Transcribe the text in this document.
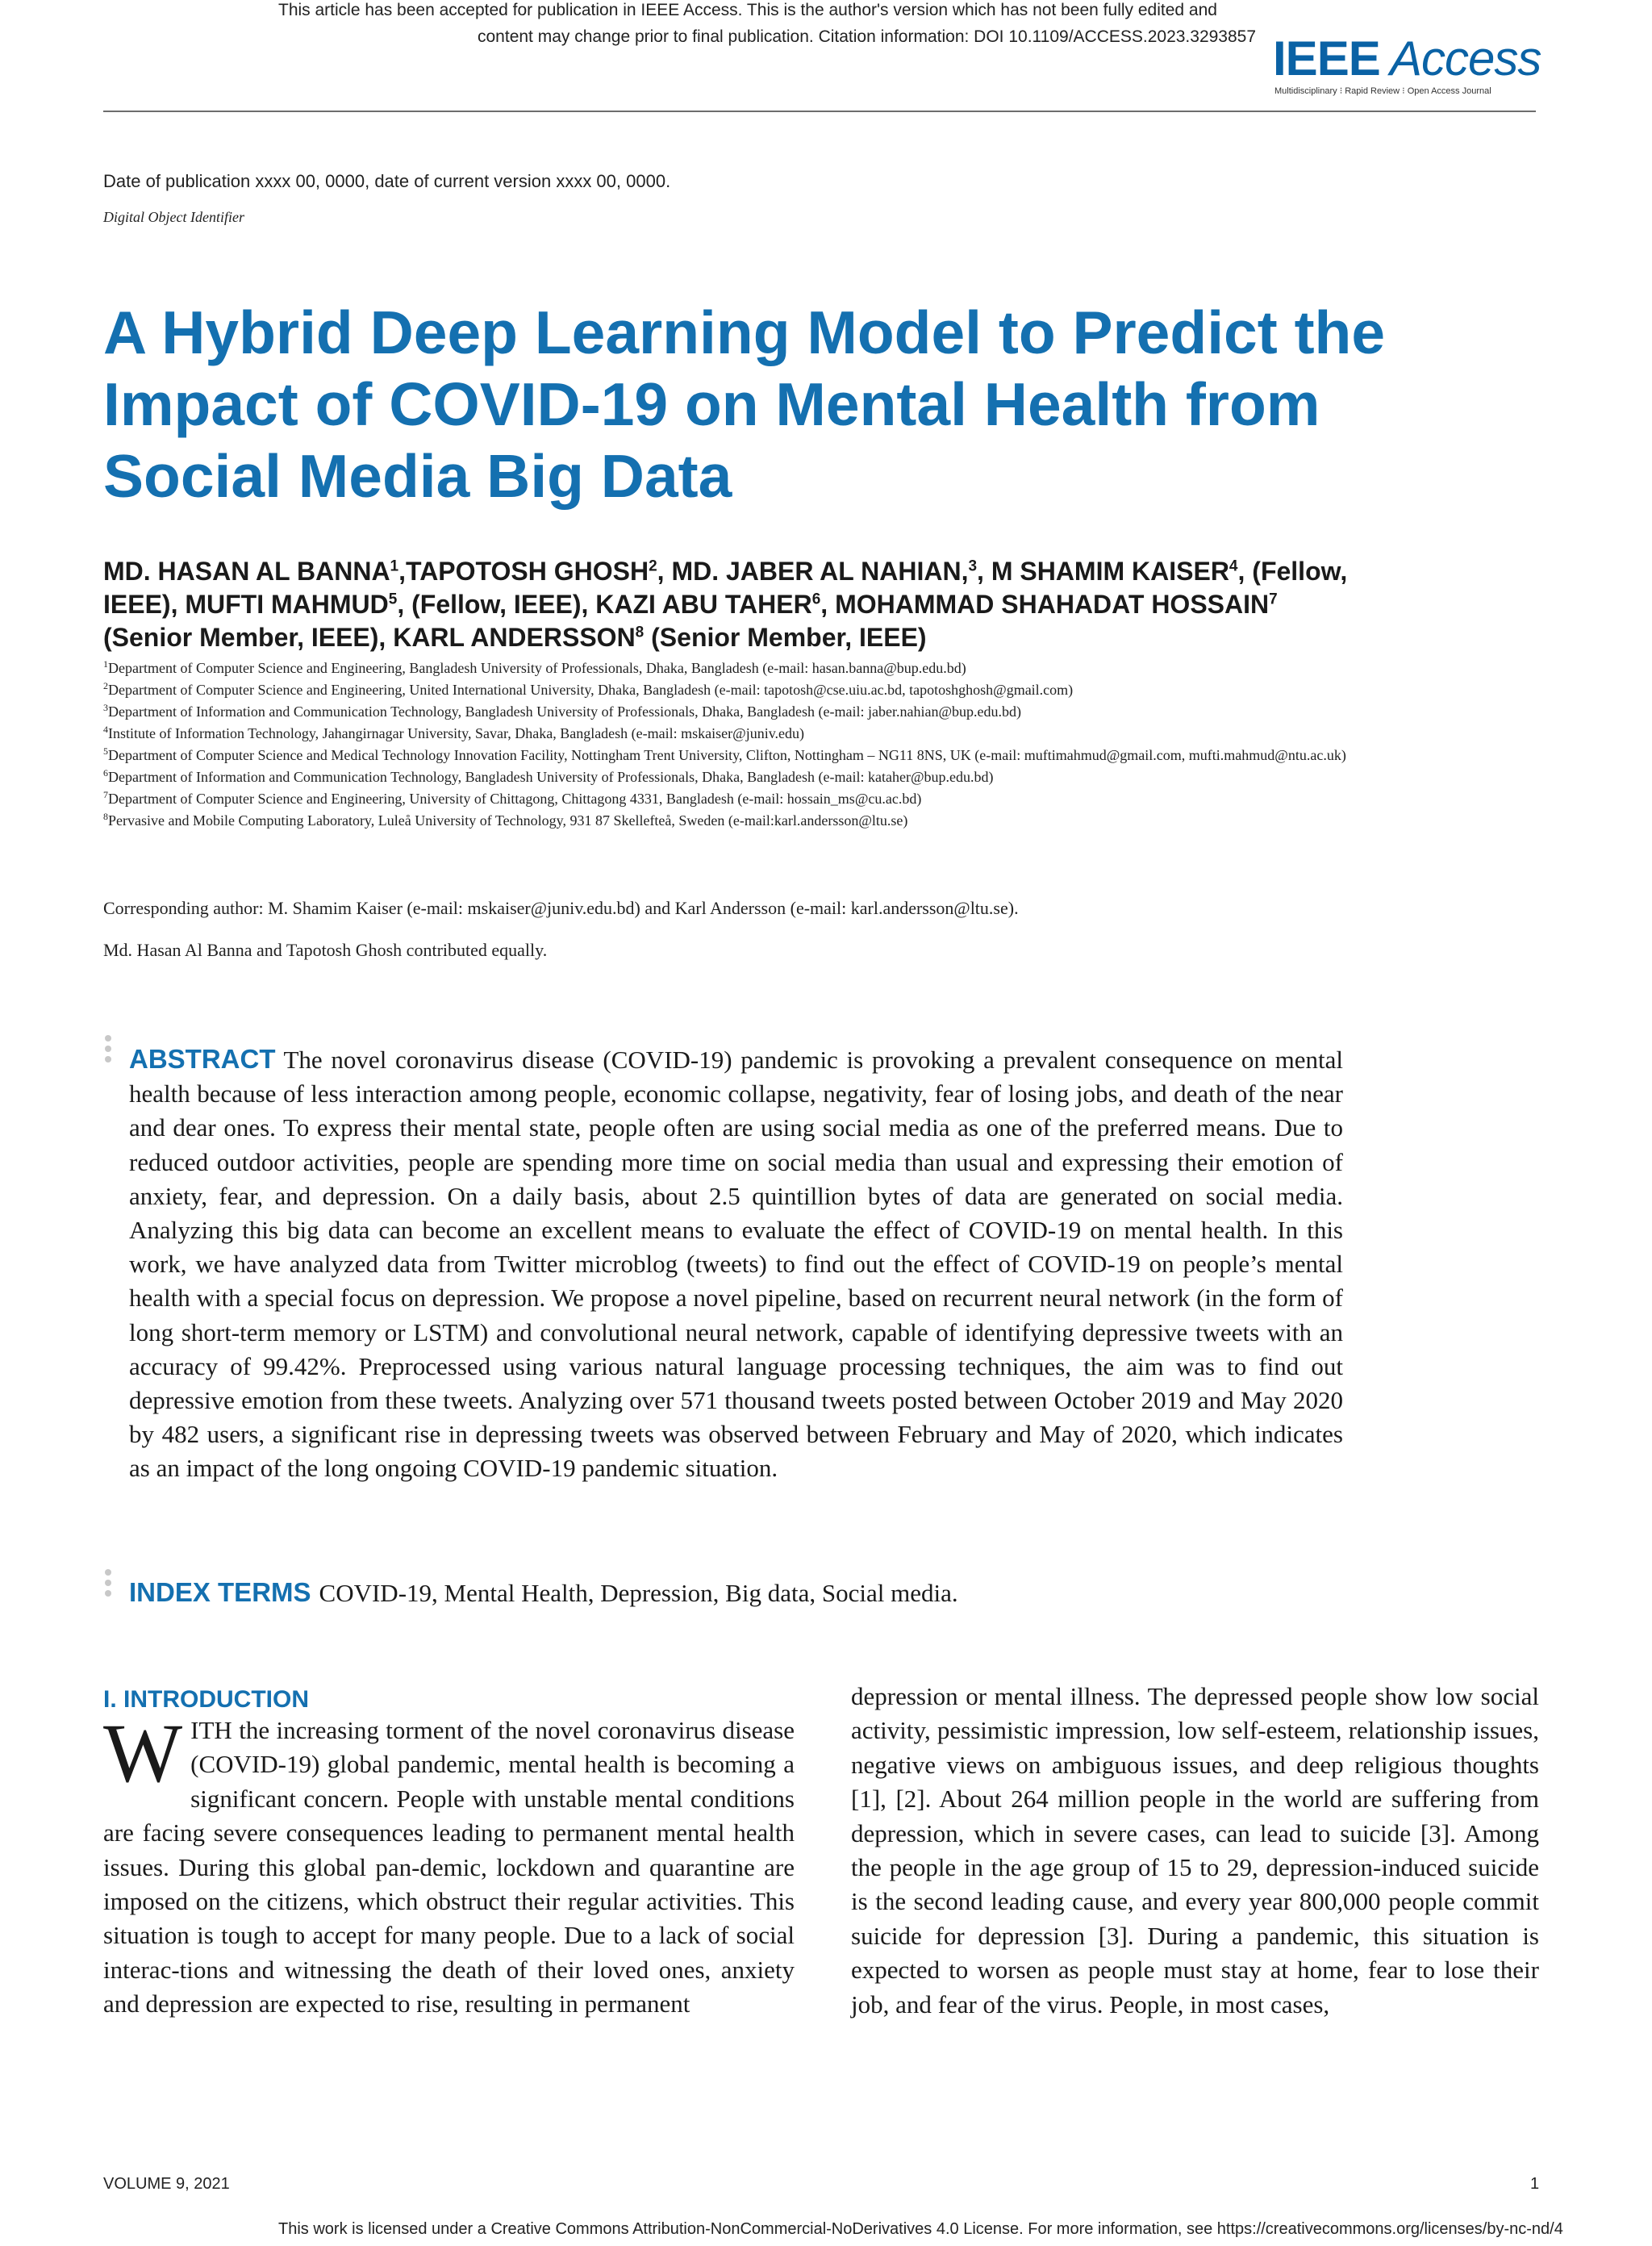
This article has been accepted for publication in IEEE Access. This is the author's version which has not been fully edited and
content may change prior to final publication. Citation information: DOI 10.1109/ACCESS.2023.3293857 IEEE Access
Multidisciplinary ⁝ Rapid Review ⁝ Open Access Journal
Date of publication xxxx 00, 0000, date of current version xxxx 00, 0000.
Digital Object Identifier
A Hybrid Deep Learning Model to Predict the Impact of COVID-19 on Mental Health from Social Media Big Data
MD. HASAN AL BANNA$^1$,TAPOTOSH GHOSH$^2$, MD. JABER AL NAHIAN,$^3$, M SHAMIM KAISER$^4$, (Fellow, IEEE), MUFTI MAHMUD$^5$, (Fellow, IEEE), KAZI ABU TAHER$^6$, MOHAMMAD SHAHADAT HOSSAIN$^7$ (Senior Member, IEEE), KARL ANDERSSON$^8$ (Senior Member, IEEE)
$^1$Department of Computer Science and Engineering, Bangladesh University of Professionals, Dhaka, Bangladesh (e-mail: hasan.banna@bup.edu.bd)
$^2$Department of Computer Science and Engineering, United International University, Dhaka, Bangladesh (e-mail: tapotosh@cse.uiu.ac.bd, tapotoshghosh@gmail.com)
$^3$Department of Information and Communication Technology, Bangladesh University of Professionals, Dhaka, Bangladesh (e-mail: jaber.nahian@bup.edu.bd)
$^4$Institute of Information Technology, Jahangirnagar University, Savar, Dhaka, Bangladesh (e-mail: mskaiser@juniv.edu)
$^5$Department of Computer Science and Medical Technology Innovation Facility, Nottingham Trent University, Clifton, Nottingham – NG11 8NS, UK (e-mail: muftimahmud@gmail.com, mufti.mahmud@ntu.ac.uk)
$^6$Department of Information and Communication Technology, Bangladesh University of Professionals, Dhaka, Bangladesh (e-mail: kataher@bup.edu.bd)
$^7$Department of Computer Science and Engineering, University of Chittagong, Chittagong 4331, Bangladesh (e-mail: hossain_ms@cu.ac.bd)
$^8$Pervasive and Mobile Computing Laboratory, Luleå University of Technology, 931 87 Skellefteå, Sweden (e-mail:karl.andersson@ltu.se)
Corresponding author: M. Shamim Kaiser (e-mail: mskaiser@juniv.edu.bd) and Karl Andersson (e-mail: karl.andersson@ltu.se).
Md. Hasan Al Banna and Tapotosh Ghosh contributed equally.
ABSTRACT The novel coronavirus disease (COVID-19) pandemic is provoking a prevalent consequence on mental health because of less interaction among people, economic collapse, negativity, fear of losing jobs, and death of the near and dear ones. To express their mental state, people often are using social media as one of the preferred means. Due to reduced outdoor activities, people are spending more time on social media than usual and expressing their emotion of anxiety, fear, and depression. On a daily basis, about 2.5 quintillion bytes of data are generated on social media. Analyzing this big data can become an excellent means to evaluate the effect of COVID-19 on mental health. In this work, we have analyzed data from Twitter microblog (tweets) to find out the effect of COVID-19 on people’s mental health with a special focus on depression. We propose a novel pipeline, based on recurrent neural network (in the form of long short-term memory or LSTM) and convolutional neural network, capable of identifying depressive tweets with an accuracy of 99.42%. Preprocessed using various natural language processing techniques, the aim was to find out depressive emotion from these tweets. Analyzing over 571 thousand tweets posted between October 2019 and May 2020 by 482 users, a significant rise in depressing tweets was observed between February and May of 2020, which indicates as an impact of the long ongoing COVID-19 pandemic situation.
INDEX TERMS COVID-19, Mental Health, Depression, Big data, Social media.
I. INTRODUCTION
WITH the increasing torment of the novel coronavirus disease (COVID-19) global pandemic, mental health is becoming a significant concern. People with unstable mental conditions are facing severe consequences leading to permanent mental health issues. During this global pan-demic, lockdown and quarantine are imposed on the citizens, which obstruct their regular activities. This situation is tough to accept for many people. Due to a lack of social interac-tions and witnessing the death of their loved ones, anxiety and depression are expected to rise, resulting in permanent
depression or mental illness. The depressed people show low social activity, pessimistic impression, low self-esteem, relationship issues, negative views on ambiguous issues, and deep religious thoughts [1], [2]. About 264 million people in the world are suffering from depression, which in severe cases, can lead to suicide [3]. Among the people in the age group of 15 to 29, depression-induced suicide is the second leading cause, and every year 800,000 people commit suicide for depression [3]. During a pandemic, this situation is expected to worsen as people must stay at home, fear to lose their job, and fear of the virus. People, in most cases,
VOLUME 9, 2021	1
This work is licensed under a Creative Commons Attribution-NonCommercial-NoDerivatives 4.0 License. For more information, see https://creativecommons.org/licenses/by-nc-nd/4
